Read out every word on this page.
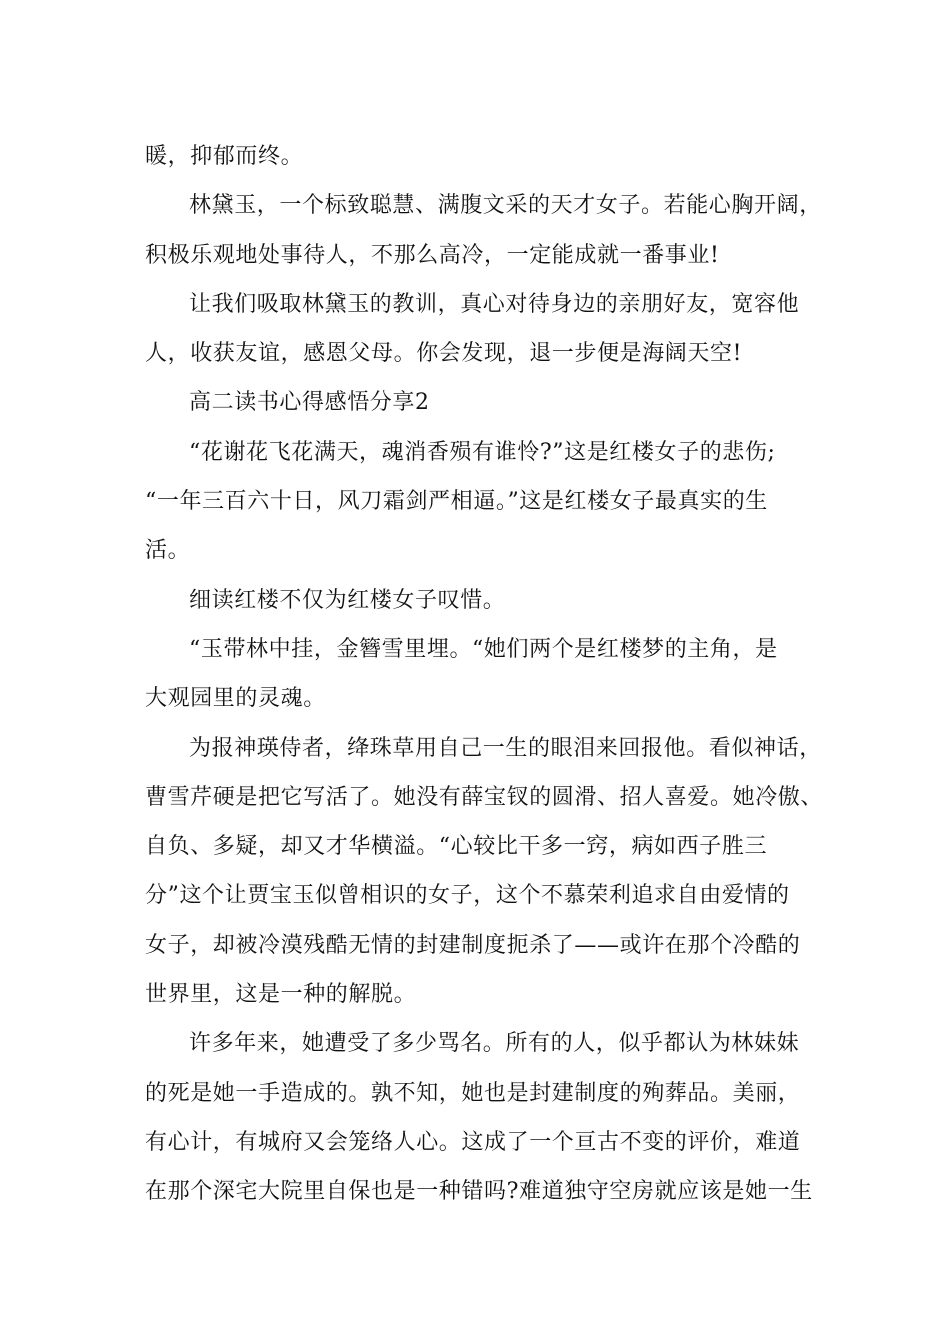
暖，抑郁而终。
林黛玉，一个标致聪慧、满腹文采的天才女子。若能心胸开阔，
积极乐观地处事待人，不那么高冷，一定能成就一番事业!
让我们吸取林黛玉的教训，真心对待身边的亲朋好友，宽容他
人，收获友谊，感恩父母。你会发现，退一步便是海阔天空!
高二读书心得感悟分享2
“花谢花飞花满天，魂消香殒有谁怜?”这是红楼女子的悲伤;
“一年三百六十日，风刀霜剑严相逼。”这是红楼女子最真实的生
活。
细读红楼不仅为红楼女子叹惜。
“玉带林中挂，金簪雪里埋。“她们两个是红楼梦的主角，是
大观园里的灵魂。
为报神瑛侍者，绛珠草用自己一生的眼泪来回报他。看似神话，
曹雪芹硬是把它写活了。她没有薛宝钗的圆滑、招人喜爱。她冷傲、
自负、多疑，却又才华横溢。“心较比干多一窍，病如西子胜三
分”这个让贾宝玉似曾相识的女子，这个不慕荣利追求自由爱情的
女子，却被冷漠残酷无情的封建制度扼杀了——或许在那个冷酷的
世界里，这是一种的解脱。
许多年来，她遭受了多少骂名。所有的人，似乎都认为林妹妹
的死是她一手造成的。孰不知，她也是封建制度的殉葬品。美丽，
有心计，有城府又会笼络人心。这成了一个亘古不变的评价，难道
在那个深宅大院里自保也是一种错吗?难道独守空房就应该是她一生
